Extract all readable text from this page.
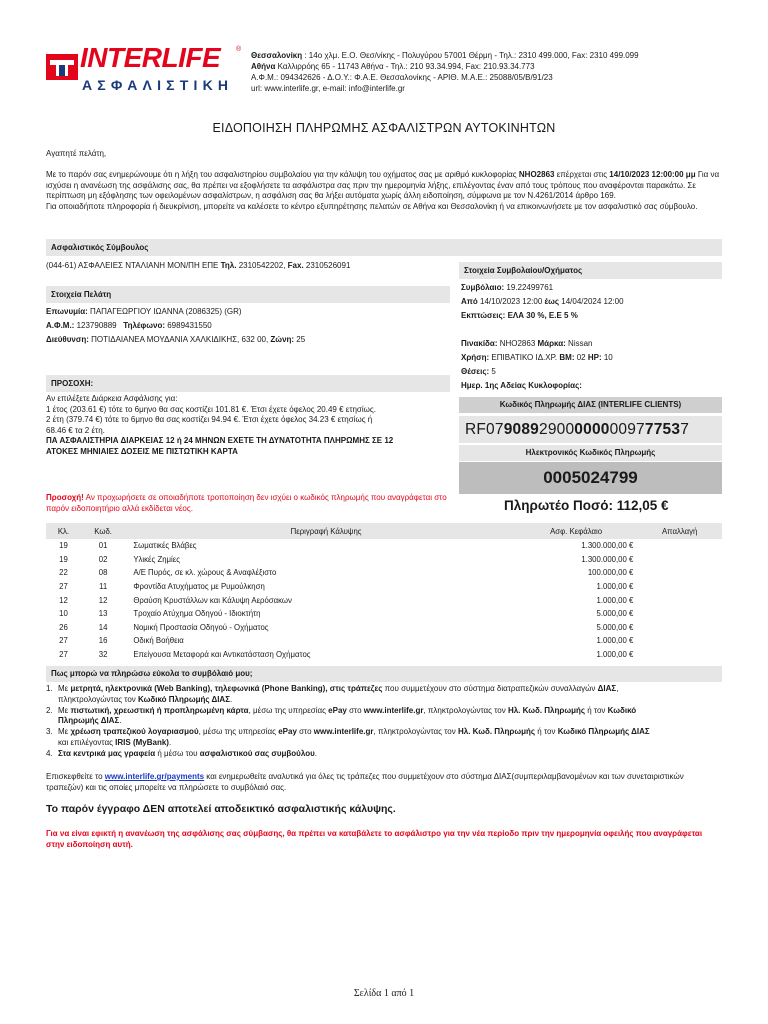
INTERLIFE ®
ΑΣΦΑΛΙΣΤΙΚΗ
Θεσσαλονίκη : 14ο χλμ. Ε.Ο. Θεσ/νίκης - Πολυγύρου 57001 Θέρμη - Τηλ.: 2310 499.000, Fax: 2310 499.099
Αθήνα Καλλιρρόης 65 - 11743 Αθήνα - Τηλ.: 210 93.34.994, Fax: 210.93.34.773
Α.Φ.Μ.: 094342626 - Δ.Ο.Υ.: Φ.Α.Ε. Θεσσαλονίκης - ΑΡΙΘ. Μ.Α.Ε.: 25088/05/Β/91/23
url: www.interlife.gr, e-mail: info@interlife.gr
ΕΙΔΟΠΟΙΗΣΗ ΠΛΗΡΩΜΗΣ ΑΣΦΑΛΙΣΤΡΩΝ ΑΥΤΟΚΙΝΗΤΩΝ

Αγαπητέ πελάτη,

Με το παρόν σας ενημερώνουμε ότι η λήξη του ασφαλιστηρίου συμβολαίου για την κάλυψη του οχήματος σας με αριθμό κυκλοφορίας ΝΗΟ2863 επέρχεται στις 14/10/2023 12:00:00 μμ Για να ισχύσει η ανανέωση της ασφάλισης σας, θα πρέπει να εξοφλήσετε τα ασφάλιστρα σας πριν την ημερομηνία λήξης, επιλέγοντας έναν από τους τρόπους που αναφέρονται παρακάτω. Σε περίπτωση μη εξόφλησης των οφειλομένων ασφαλίστρων, η ασφάλιση σας θα λήξει αυτόματα χωρίς άλλη ειδοποίηση, σύμφωνα με τον Ν.4261/2014 άρθρο 169.

Για οποιαδήποτε πληροφορία ή διευκρίνιση, μπορείτε να καλέσετε το κέντρο εξυπηρέτησης πελατών σε Αθήνα και Θεσσαλονίκη ή να επικοινωνήσετε με τον ασφαλιστικό σας σύμβουλο.

Ασφαλιστικός Σύμβουλος
(044-61) ΑΣΦΑΛΕΙΕΣ ΝΤΑΛΙΑΝΗ ΜΟΝ/ΠΗ ΕΠΕ Τηλ. 2310542202, Fax. 2310526091
Στοιχεία Πελάτη
Επωνυμία: ΠΑΠΑΓΕΩΡΓΙΟΥ ΙΩΑΝΝΑ (2086325) (GR)
Α.Φ.Μ.: 123790889 Τηλέφωνο: 6989431550
Διεύθυνση: ΠΟΤΙΔΑΙΑΝΕΑ ΜΟΥΔΑΝΙΑ ΧΑΛΚΙΔΙΚΗΣ, 632 00, Ζώνη: 25
ΠΡΟΣΟΧΗ:
Αν επιλέξετε Διάρκεια Ασφάλισης για:
1 έτος (203.61 €) τότε το 6μηνο θα σας κοστίζει 101.81 €. Έτσι έχετε όφελος 20.49 € ετησίως.
2 έτη (379.74 €) τότε το 6μηνο θα σας κοστίζει 94.94 €. Έτσι έχετε όφελος 34.23 € ετησίως ή
68.46 € τα 2 έτη.
ΠΑ ΑΣΦΑΛΙΣΤΗΡΙΑ ΔΙΑΡΚΕΙΑΣ 12 ή 24 ΜΗΝΩΝ ΕΧΕΤΕ ΤΗ ΔΥΝΑΤΟΤΗΤΑ ΠΛΗΡΩΜΗΣ ΣΕ 12
ΑΤΟΚΕΣ ΜΗΝΙΑΙΕΣ ΔΟΣΕΙΣ ΜΕ ΠΙΣΤΩΤΙΚΗ ΚΑΡΤΑ
Προσοχή! Αν προχωρήσετε σε οποιαδήποτε τροποποίηση δεν ισχύει ο κωδικός πληρωμής που αναγράφεται στο παρόν ειδοποιητήριο αλλά εκδίδεται νέος.
Στοιχεία Συμβολαίου/Οχήματος
Συμβόλαιο: 19.22499761
Από 14/10/2023 12:00 έως 14/04/2024 12:00
Εκπτώσεις: ΕΛΑ 30 %, Ε.Ε 5 %
Πινακίδα: ΝΗΟ2863 Μάρκα: Nissan
Χρήση: ΕΠΙΒΑΤΙΚΟ ΙΔ.ΧΡ. BM: 02 HP: 10
Θέσεις: 5
Ημερ. 1ης Αδείας Κυκλοφορίας:
Κωδικός Πληρωμής ΔΙΑΣ (INTERLIFE CLIENTS)
RF07908929000000009777537
Ηλεκτρονικός Κωδικός Πληρωμής
0005024799
Πληρωτέο Ποσό: 112,05 €
Κλ.	Κωδ.	Περιγραφή Κάλυψης	Ασφ. Κεφάλαιο	Απαλλαγή
19	01	Σωματικές Βλάβες	1.300.000,00 €	
19	02	Υλικές Ζημίες	1.300.000,00 €	
22	08	Α/Ε Πυρός, σε κλ. χώρους & Αναφλέξιστο	100.000,00 €	
27	11	Φροντίδα Ατυχήματος με Ρυμούλκηση	1.000,00 €	
12	12	Θραύση Κρυστάλλων και Κάλυψη Αερόσακων	1.000,00 €	
10	13	Τροχαίο Ατύχημα Οδηγού - Ιδιοκτήτη	5.000,00 €	
26	14	Νομική Προστασία Οδηγού - Οχήματος	5.000,00 €	
27	16	Οδική Βοήθεια	1.000,00 €	
27	32	Επείγουσα Μεταφορά και Αντικατάσταση Οχήματος	1.000,00 €	
Πως μπορώ να πληρώσω εύκολα το συμβόλαιό μου;
1. Με μετρητά, ηλεκτρονικά (Web Banking), τηλεφωνικά (Phone Banking), στις τράπεζες που συμμετέχουν στο σύστημα διατραπεζικών συναλλαγών ΔΙΑΣ,
πληκτρολογώντας τον Κωδικό Πληρωμής ΔΙΑΣ.
2. Με πιστωτική, χρεωστική ή προπληρωμένη κάρτα, μέσω της υπηρεσίας ePay στο www.interlife.gr, πληκτρολογώντας τον Ηλ. Κωδ. Πληρωμής ή τον Κωδικό
Πληρωμής ΔΙΑΣ.
3. Με χρέωση τραπεζικού λογαριασμού, μέσω της υπηρεσίας ePay στο www.interlife.gr, πληκτρολογώντας τον Ηλ. Κωδ. Πληρωμής ή τον Κωδικό Πληρωμής ΔΙΑΣ
και επιλέγοντας IRIS (MyBank).
4. Στα κεντρικά μας γραφεία ή μέσω του ασφαλιστικού σας συμβούλου.
Επισκεφθείτε το www.interlife.gr/payments και ενημερωθείτε αναλυτικά για όλες τις τράπεζες που συμμετέχουν στο σύστημα ΔΙΑΣ(συμπεριλαμβανομένων και των συνεταιριστικών τραπεζών) και τις οποίες μπορείτε να πληρώσετε το συμβόλαιό σας.
Το παρόν έγγραφο ΔΕΝ αποτελεί αποδεικτικό ασφαλιστικής κάλυψης.
Για να είναι εφικτή η ανανέωση της ασφάλισης σας σύμβασης, θα πρέπει να καταβάλετε το ασφάλιστρο για την νέα περίοδο πριν την ημερομηνία οφειλής που αναγράφεται στην ειδοποίηση αυτή.
Σελίδα 1 από 1
